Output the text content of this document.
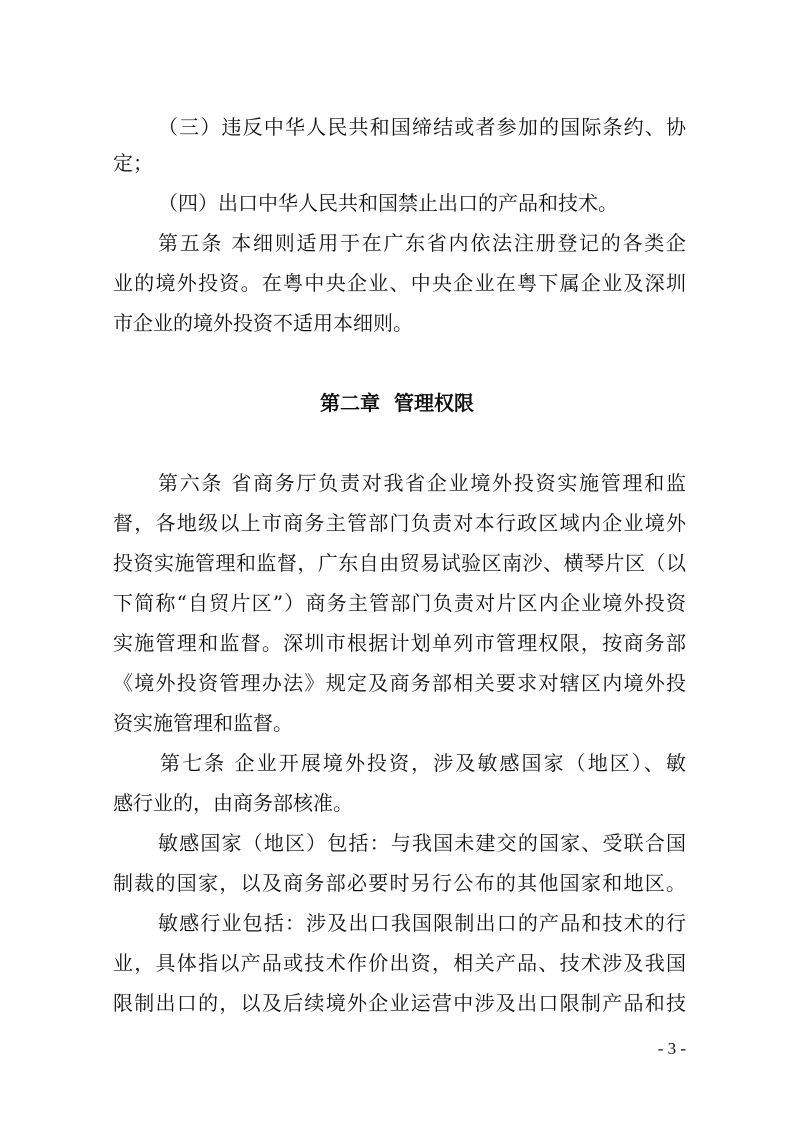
（三）违反中华人民共和国缔结或者参加的国际条约、协
定；
（四）出口中华人民共和国禁止出口的产品和技术。
第五条 本细则适用于在广东省内依法注册登记的各类企
业的境外投资。在粤中央企业、中央企业在粤下属企业及深圳
市企业的境外投资不适用本细则。
第二章  管理权限
第六条 省商务厅负责对我省企业境外投资实施管理和监
督，各地级以上市商务主管部门负责对本行政区域内企业境外
投资实施管理和监督，广东自由贸易试验区南沙、横琴片区（以
下简称“自贸片区”）商务主管部门负责对片区内企业境外投资
实施管理和监督。深圳市根据计划单列市管理权限，按商务部
《境外投资管理办法》规定及商务部相关要求对辖区内境外投
资实施管理和监督。
第七条 企业开展境外投资，涉及敏感国家（地区）、敏
感行业的，由商务部核准。
敏感国家（地区）包括：与我国未建交的国家、受联合国
制裁的国家，以及商务部必要时另行公布的其他国家和地区。
敏感行业包括：涉及出口我国限制出口的产品和技术的行
业，具体指以产品或技术作价出资，相关产品、技术涉及我国
限制出口的，以及后续境外企业运营中涉及出口限制产品和技
- 3 -
